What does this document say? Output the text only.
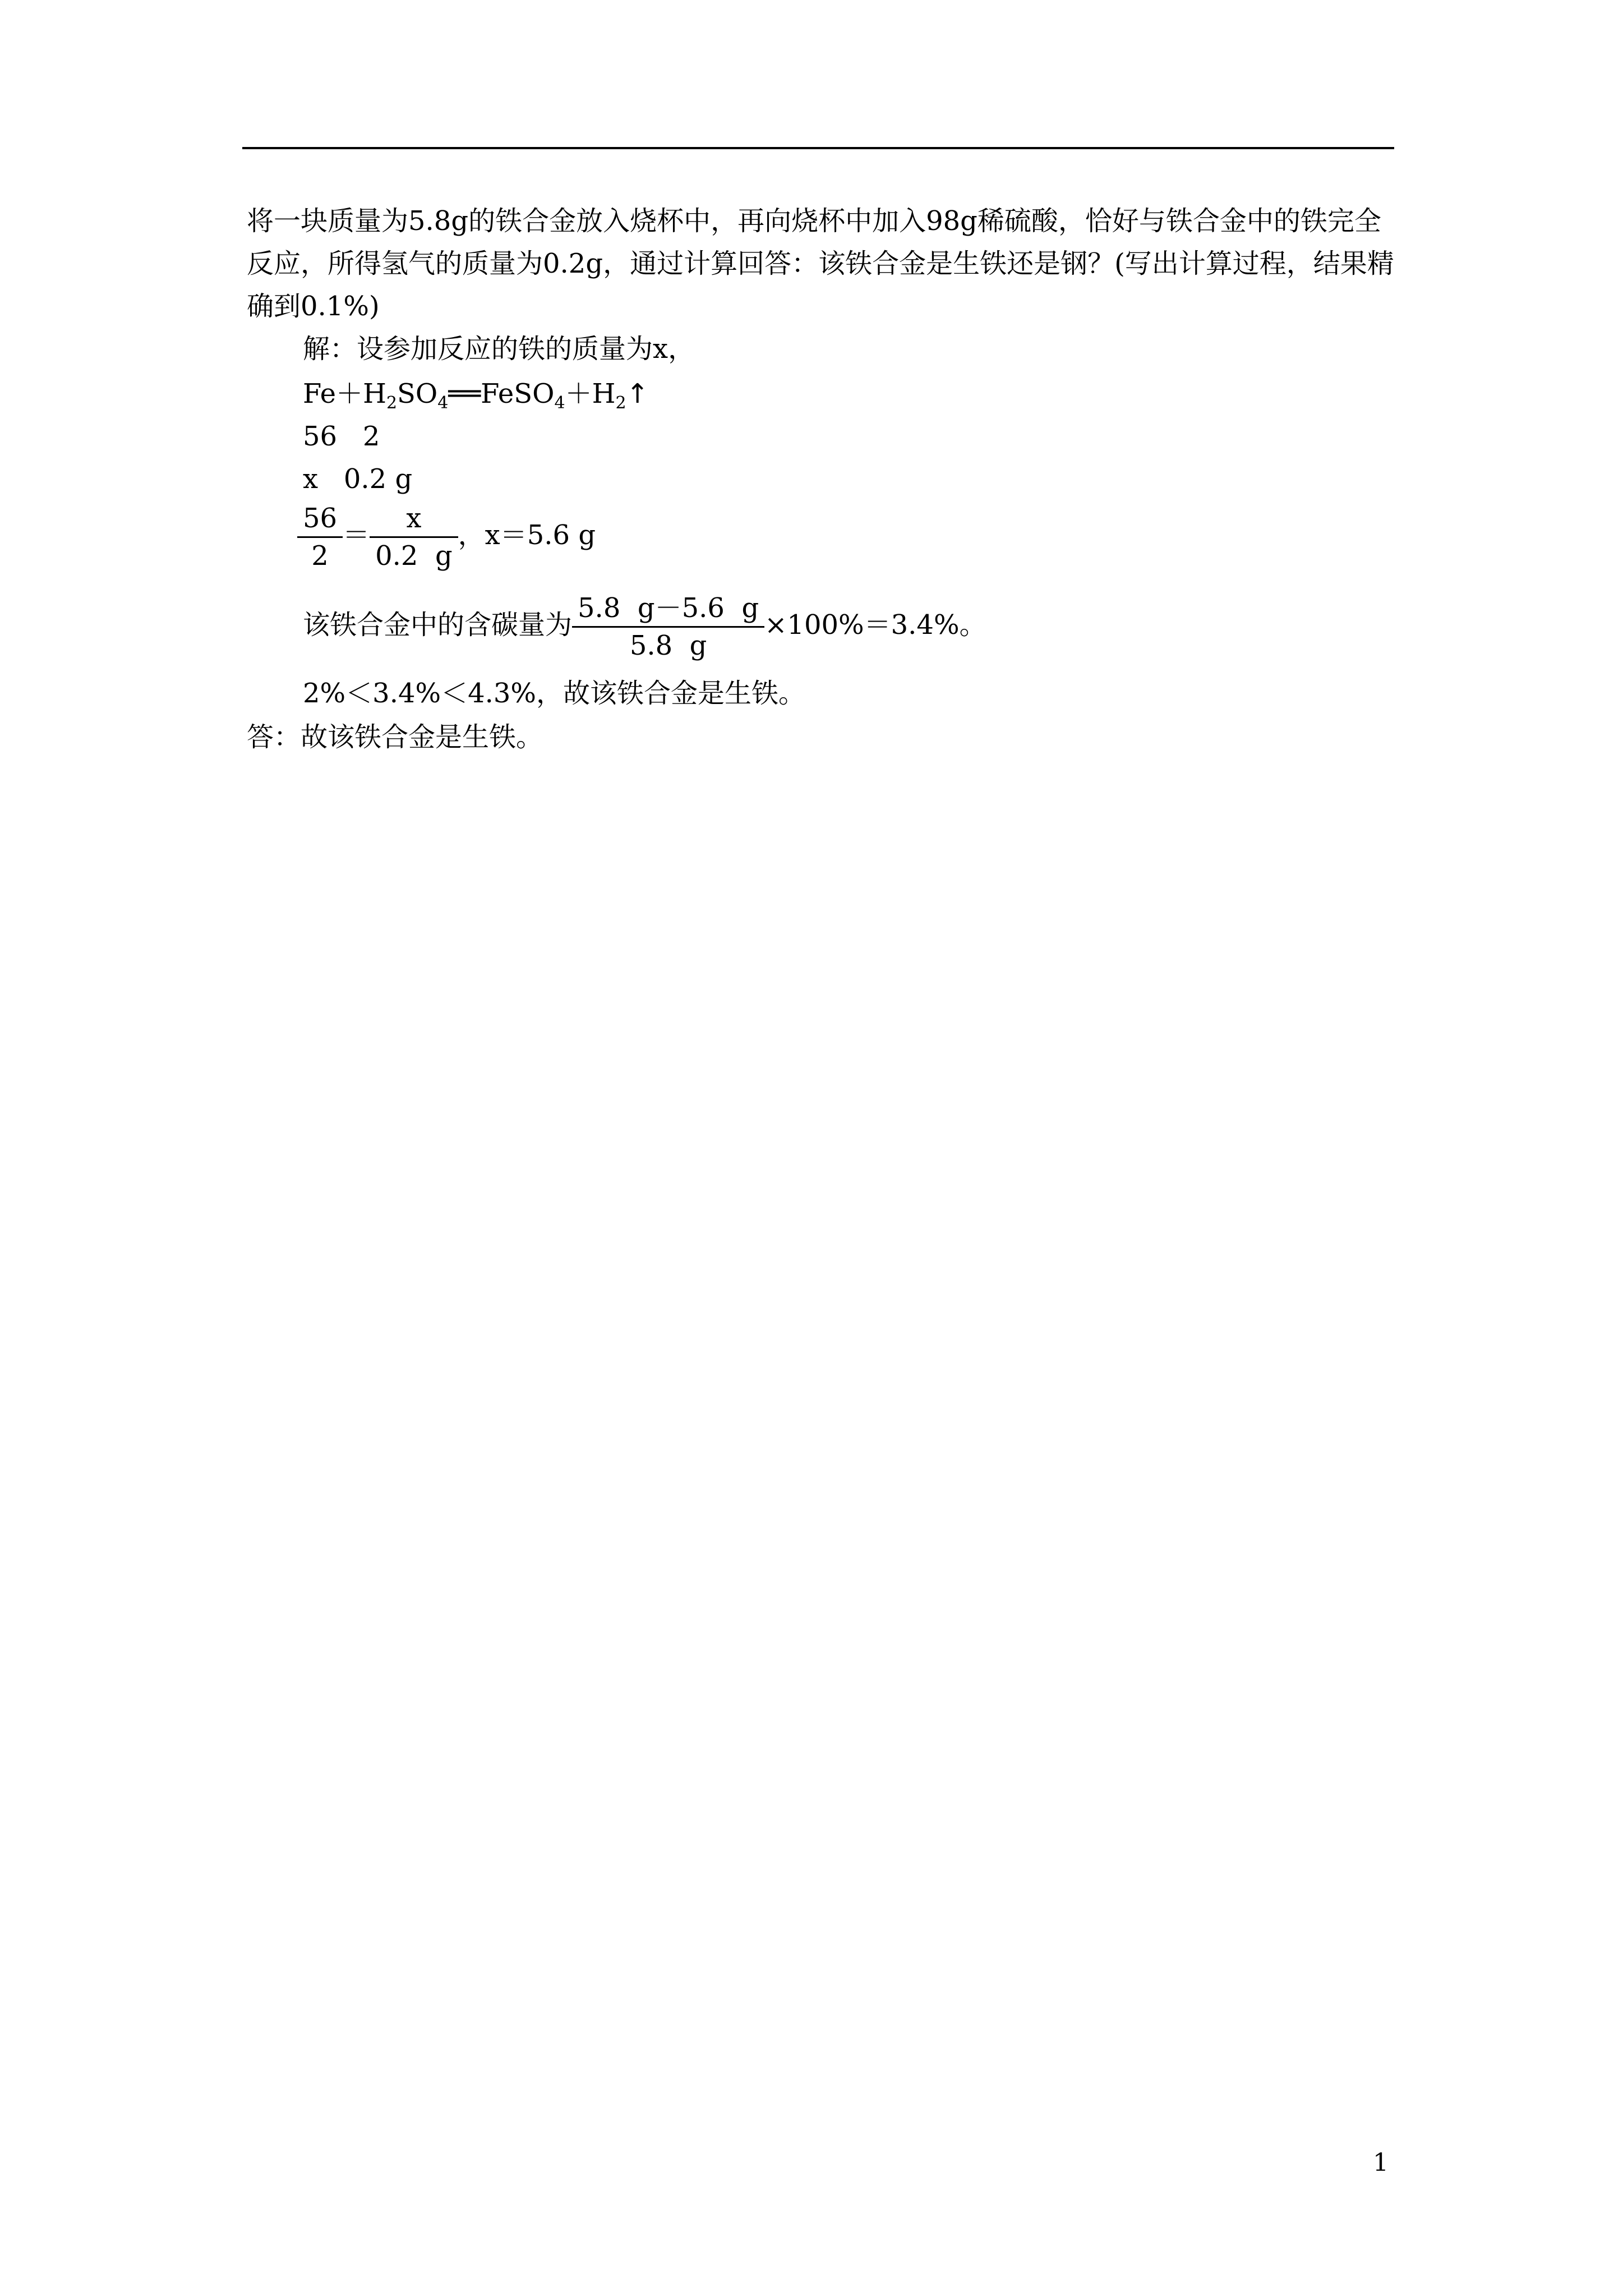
将一块质量为5.8g的铁合金放入烧杯中，再向烧杯中加入98g稀硫酸，恰好与铁合金中的铁完全反应，所得氢气的质量为0.2g，通过计算回答：该铁合金是生铁还是钢？(写出计算过程，结果精确到0.1%)
解：设参加反应的铁的质量为x，
$Fe+H_2SO_4══FeSO_4+H_2↑$
56   2
x   0.2 g
$\frac{56}{2} = \frac{x}{0.2 g}$ ，x＝5.6 g
该铁合金中的含碳量为 $\frac{5.8 g-5.6 g}{5.8 g} \times 100\%=3.4\%$。
2%＜3.4%＜4.3%，故该铁合金是生铁。
答：故该铁合金是生铁。
1
